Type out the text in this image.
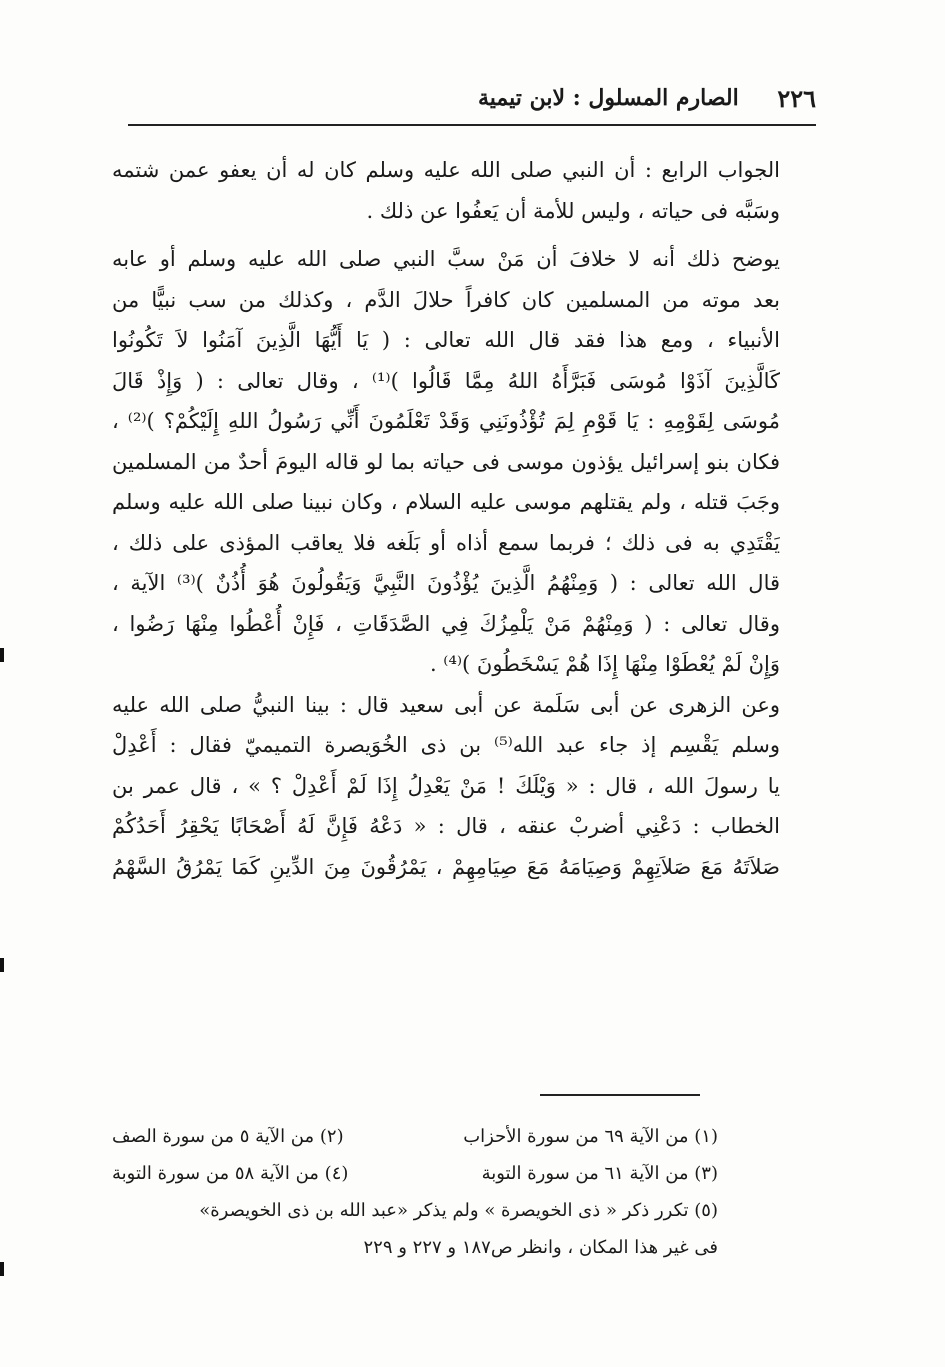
٢٢٦
الصارم المسلول : لابن تيمية
الجواب الرابع : أن النبي صلى الله عليه وسلم كان له أن يعفو عمن شتمه
وسَبَّه فى حياته ، وليس للأمة أن يَعفُوا عن ذلك .
يوضح ذلك أنه لا خلافَ أن مَنْ سبَّ النبي صلى الله عليه وسلم أو عابه
بعد موته من المسلمين كان كافراً حلالَ الدَّم ، وكذلك من سب نبيًّا من
الأنبياء ، ومع هذا فقد قال الله تعالى : ( يَا أَيُّهَا الَّذِينَ آمَنُوا لاَ تَكُونُوا
كَالَّذِينَ آذَوْا مُوسَى فَبَرَّأَهُ اللهُ مِمَّا قَالُوا )⁽¹⁾ ، وقال تعالى : ( وَإِذْ قَالَ
مُوسَى لِقَوْمِهِ : يَا قَوْمِ لِمَ تُؤْذُونَنِي وَقَدْ تَعْلَمُونَ أَنِّي رَسُولُ اللهِ إِلَيْكُمْ؟ )⁽²⁾ ،
فكان بنو إسرائيل يؤذون موسى فى حياته بما لو قاله اليومَ أحدٌ من المسلمين
وجَبَ قتله ، ولم يقتلهم موسى عليه السلام ، وكان نبينا صلى الله عليه وسلم
يَقْتَدِي به فى ذلك ؛ فربما سمع أذاه أو بَلَغه فلا يعاقب المؤذى على ذلك ،
قال الله تعالى : ( وَمِنْهُمُ الَّذِينَ يُؤْذُونَ النَّبِيَّ وَيَقُولُونَ هُوَ أُذُنٌ )⁽³⁾ الآية ،
وقال تعالى : ( وَمِنْهُمْ مَنْ يَلْمِزُكَ فِي الصَّدَقَاتِ ، فَإِنْ أُعْطُوا مِنْهَا رَضُوا ،
وَإِنْ لَمْ يُعْطَوْا مِنْهَا إِذَا هُمْ يَسْخَطُونَ )⁽⁴⁾ .
وعن الزهرى عن أبى سَلَمة عن أبى سعيد قال : بينا النبيُّ صلى الله عليه
وسلم يَقْسِم إذ جاء عبد الله⁽⁵⁾ بن ذى الخُوَيصرة التميميّ فقال : أَعْدِلْ
يا رسولَ الله ، قال : « وَيْلَكَ ! مَنْ يَعْدِلُ إِذَا لَمْ أَعْدِلْ ؟ » ، قال عمر بن
الخطاب : دَعْنِي أضربْ عنقه ، قال : « دَعْهُ فَإِنَّ لَهُ أَصْحَابًا يَحْقِرُ أَحَدُكُمْ
صَلاَتَهُ مَعَ صَلاَتِهِمْ وَصِيَامَهُ مَعَ صِيَامِهِمْ ، يَمْرُقُونَ مِنَ الدِّينِ كَمَا يَمْرُقُ السَّهْمُ
(١) من الآية ٦٩ من سورة الأحزاب
(٢) من الآية ٥ من سورة الصف
(٣) من الآية ٦١ من سورة التوبة
(٤) من الآية ٥٨ من سورة التوبة
(٥) تكرر ذكر « ذى الخويصرة » ولم يذكر «عبد الله بن ذى الخويصرة»
فى غير هذا المكان ، وانظر ص١٨٧ و ٢٢٧ و ٢٢٩
